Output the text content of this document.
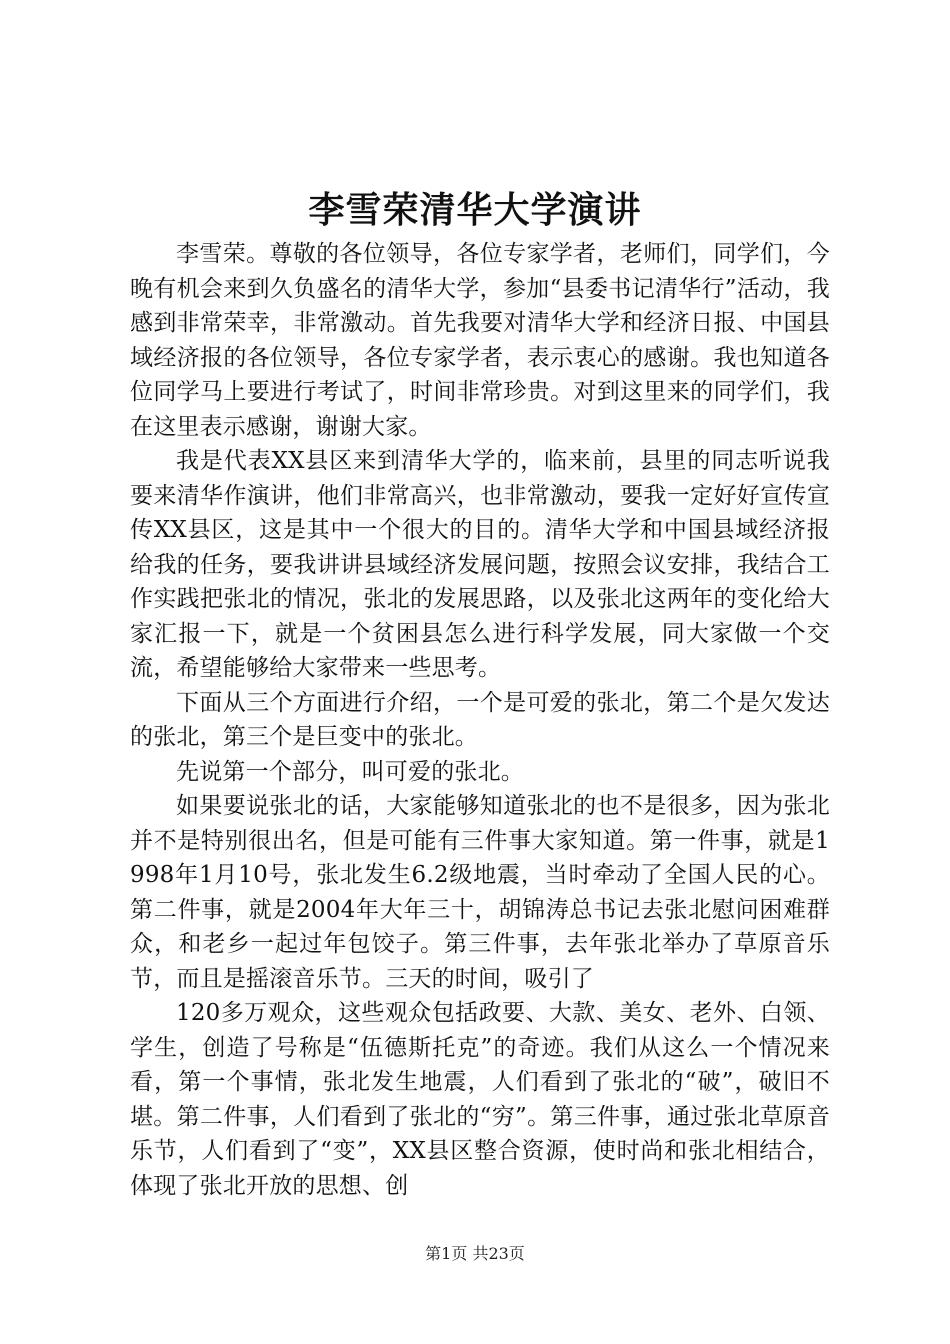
李雪荣清华大学演讲

李雪荣。尊敬的各位领导，各位专家学者，老师们，同学们，今晚有机会来到久负盛名的清华大学，参加“县委书记清华行”活动，我感到非常荣幸，非常激动。首先我要对清华大学和经济日报、中国县域经济报的各位领导，各位专家学者，表示衷心的感谢。我也知道各位同学马上要进行考试了，时间非常珍贵。对到这里来的同学们，我在这里表示感谢，谢谢大家。

我是代表XX县区来到清华大学的，临来前，县里的同志听说我要来清华作演讲，他们非常高兴，也非常激动，要我一定好好宣传宣传XX县区，这是其中一个很大的目的。清华大学和中国县域经济报给我的任务，要我讲讲县域经济发展问题，按照会议安排，我结合工作实践把张北的情况，张北的发展思路，以及张北这两年的变化给大家汇报一下，就是一个贫困县怎么进行科学发展，同大家做一个交流，希望能够给大家带来一些思考。

下面从三个方面进行介绍，一个是可爱的张北，第二个是欠发达的张北，第三个是巨变中的张北。

先说第一个部分，叫可爱的张北。

如果要说张北的话，大家能够知道张北的也不是很多，因为张北并不是特别很出名，但是可能有三件事大家知道。第一件事，就是1998年1月10号，张北发生6.2级地震，当时牵动了全国人民的心。第二件事，就是2004年大年三十，胡锦涛总书记去张北慰问困难群众，和老乡一起过年包饺子。第三件事，去年张北举办了草原音乐节，而且是摇滚音乐节。三天的时间，吸引了

120多万观众，这些观众包括政要、大款、美女、老外、白领、学生，创造了号称是“伍德斯托克”的奇迹。我们从这么一个情况来看，第一个事情，张北发生地震，人们看到了张北的“破”，破旧不堪。第二件事，人们看到了张北的“穷”。第三件事，通过张北草原音乐节，人们看到了“变”，XX县区整合资源，使时尚和张北相结合，体现了张北开放的思想、创

第1页 共23页
